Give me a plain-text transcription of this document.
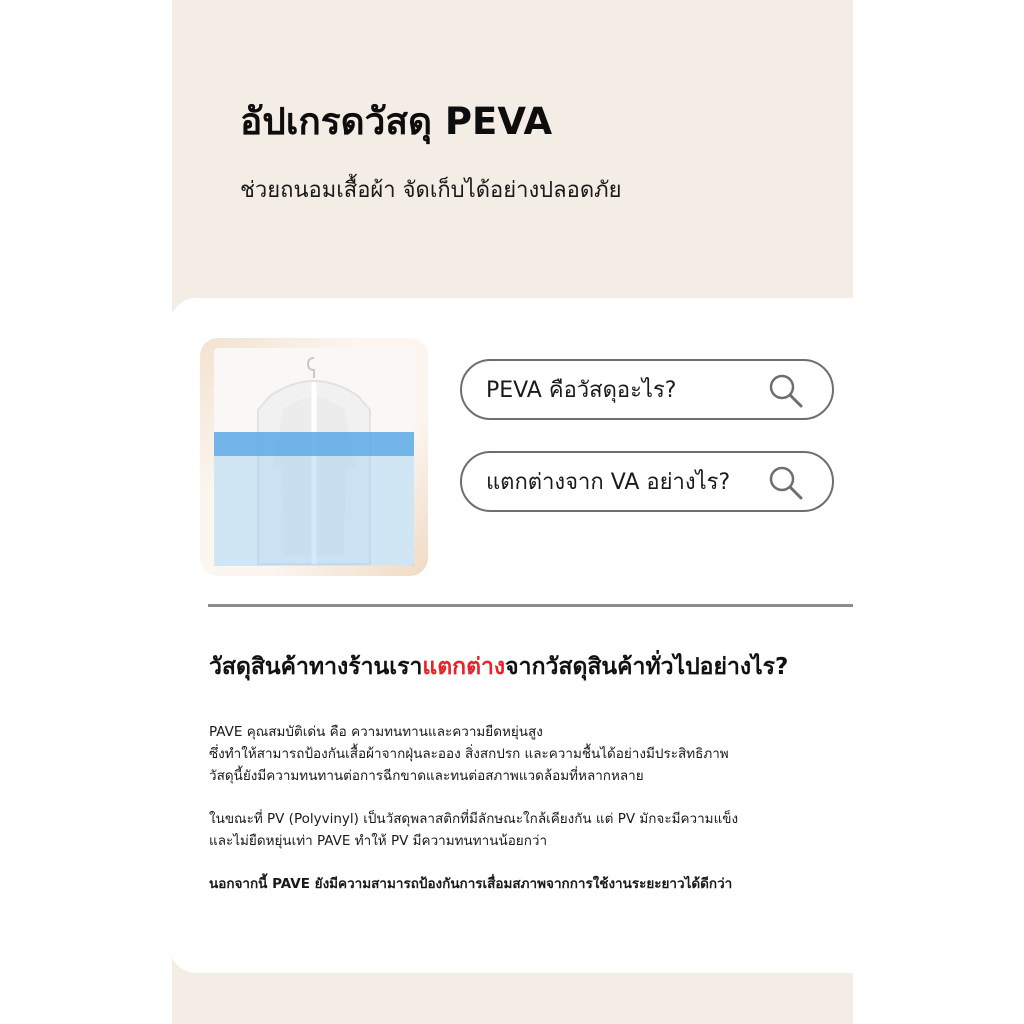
อัปเกรดวัสดุ PEVA
ช่วยถนอมเสื้อผ้า จัดเก็บได้อย่างปลอดภัย
PEVA คือวัสดุอะไร?
แตกต่างจาก VA อย่างไร?
วัสดุสินค้าทางร้านเราแตกต่างจากวัสดุสินค้าทั่วไปอย่างไร?
PAVE คุณสมบัติเด่น คือ ความทนทานและความยืดหยุ่นสูง
ซึ่งทำให้สามารถป้องกันเสื้อผ้าจากฝุ่นละออง สิ่งสกปรก และความชื้นได้อย่างมีประสิทธิภาพ
วัสดุนี้ยังมีความทนทานต่อการฉีกขาดและทนต่อสภาพแวดล้อมที่หลากหลาย
ในขณะที่ PV (Polyvinyl) เป็นวัสดุพลาสติกที่มีลักษณะใกล้เคียงกัน แต่ PV มักจะมีความแข็ง
และไม่ยืดหยุ่นเท่า PAVE ทำให้ PV มีความทนทานน้อยกว่า
นอกจากนี้ PAVE ยังมีความสามารถป้องกันการเสื่อมสภาพจากการใช้งานระยะยาวได้ดีกว่า
